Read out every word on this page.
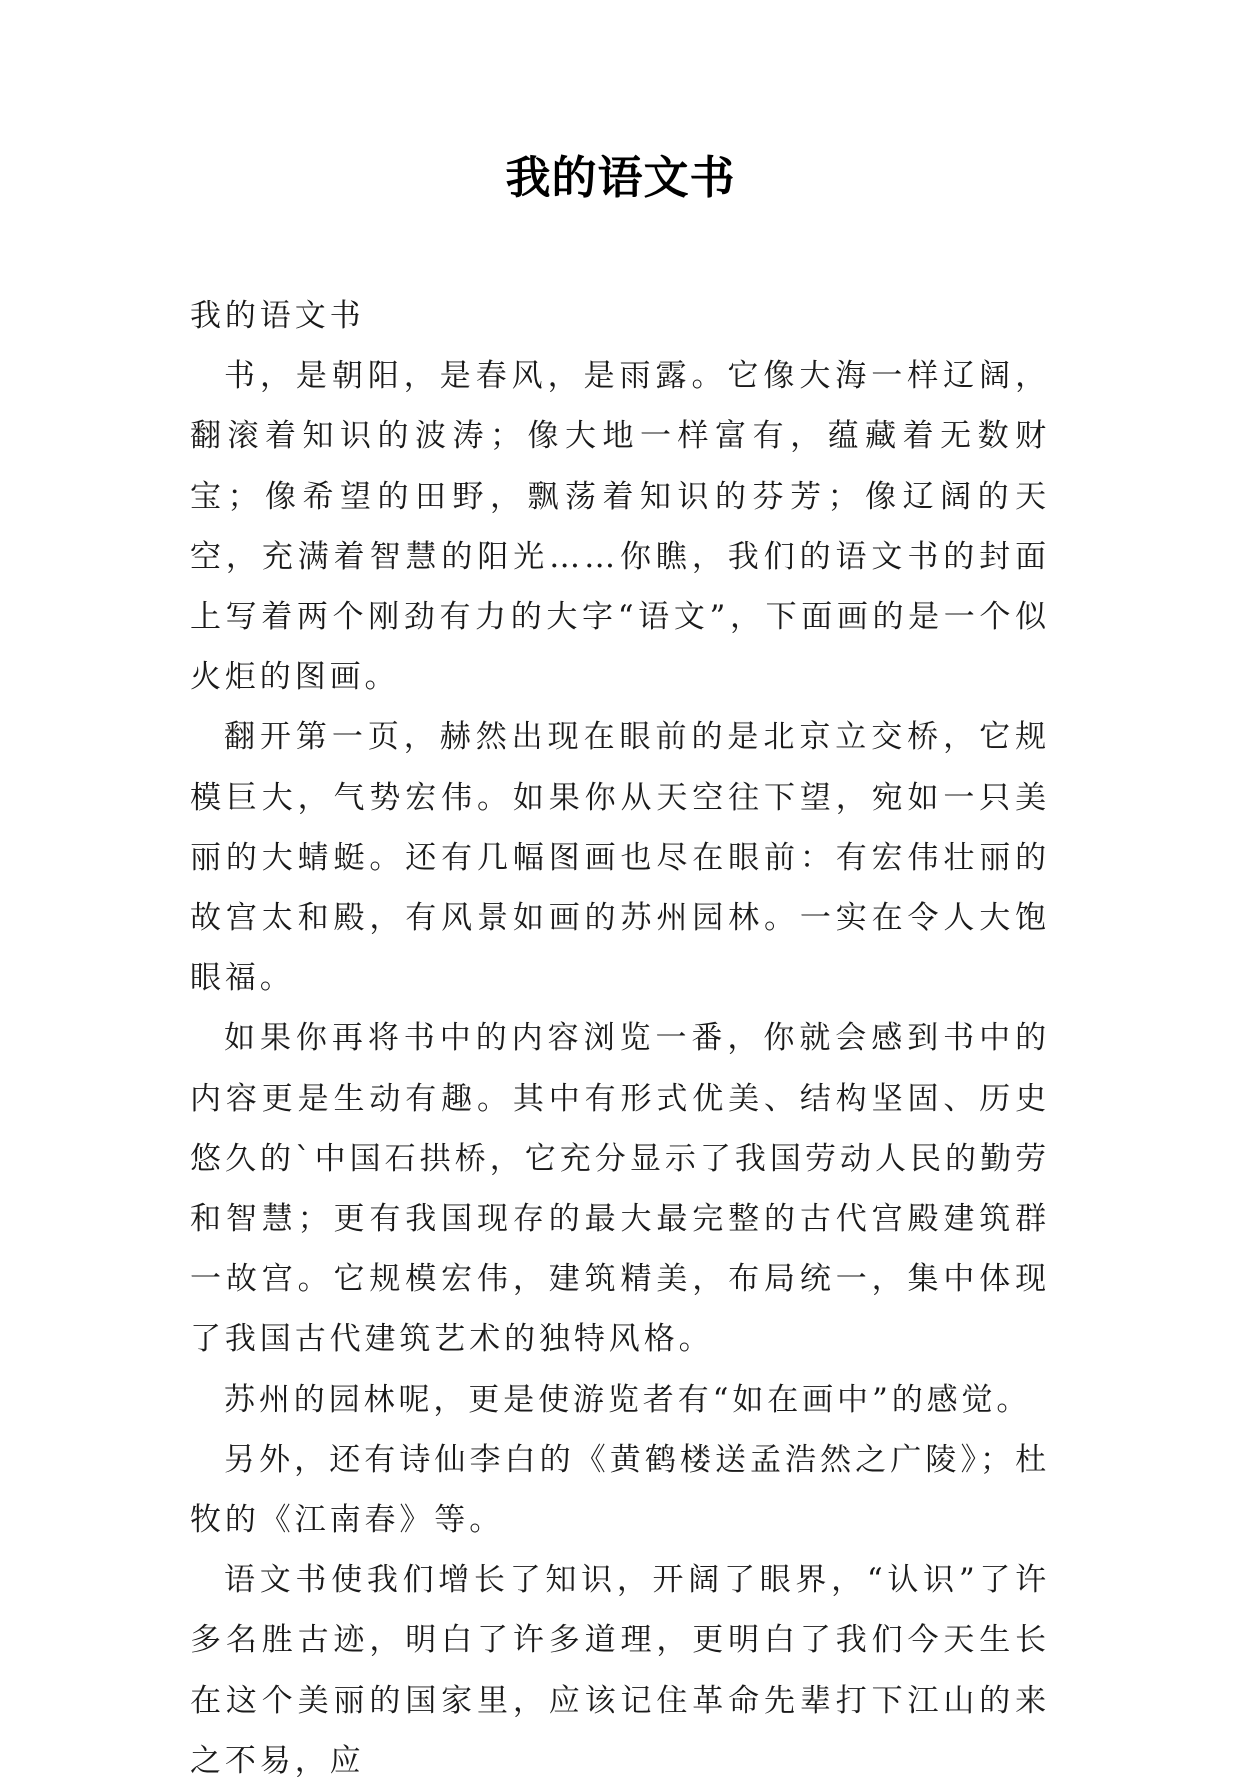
我的语文书

我的语文书

书，是朝阳，是春风，是雨露。它像大海一样辽阔，翻滚着知识的波涛；像大地一样富有，蕴藏着无数财宝；像希望的田野，飘荡着知识的芬芳；像辽阔的天空，充满着智慧的阳光……你瞧，我们的语文书的封面上写着两个刚劲有力的大字“语文”，下面画的是一个似火炬的图画。

翻开第一页，赫然出现在眼前的是北京立交桥，它规模巨大，气势宏伟。如果你从天空往下望，宛如一只美丽的大蜻蜓。还有几幅图画也尽在眼前：有宏伟壮丽的故宫太和殿，有风景如画的苏州园林。一实在令人大饱眼福。

如果你再将书中的内容浏览一番，你就会感到书中的内容更是生动有趣。其中有形式优美、结构坚固、历史悠久的`中国石拱桥，它充分显示了我国劳动人民的勤劳和智慧；更有我国现存的最大最完整的古代宫殿建筑群一故宫。它规模宏伟，建筑精美，布局统一，集中体现了我国古代建筑艺术的独特风格。

苏州的园林呢，更是使游览者有“如在画中”的感觉。

另外，还有诗仙李白的《黄鹤楼送孟浩然之广陵》；杜牧的《江南春》等。

语文书使我们增长了知识，开阔了眼界，“认识”了许多名胜古迹，明白了许多道理，更明白了我们今天生长在这个美丽的国家里，应该记住革命先辈打下江山的来之不易，应
